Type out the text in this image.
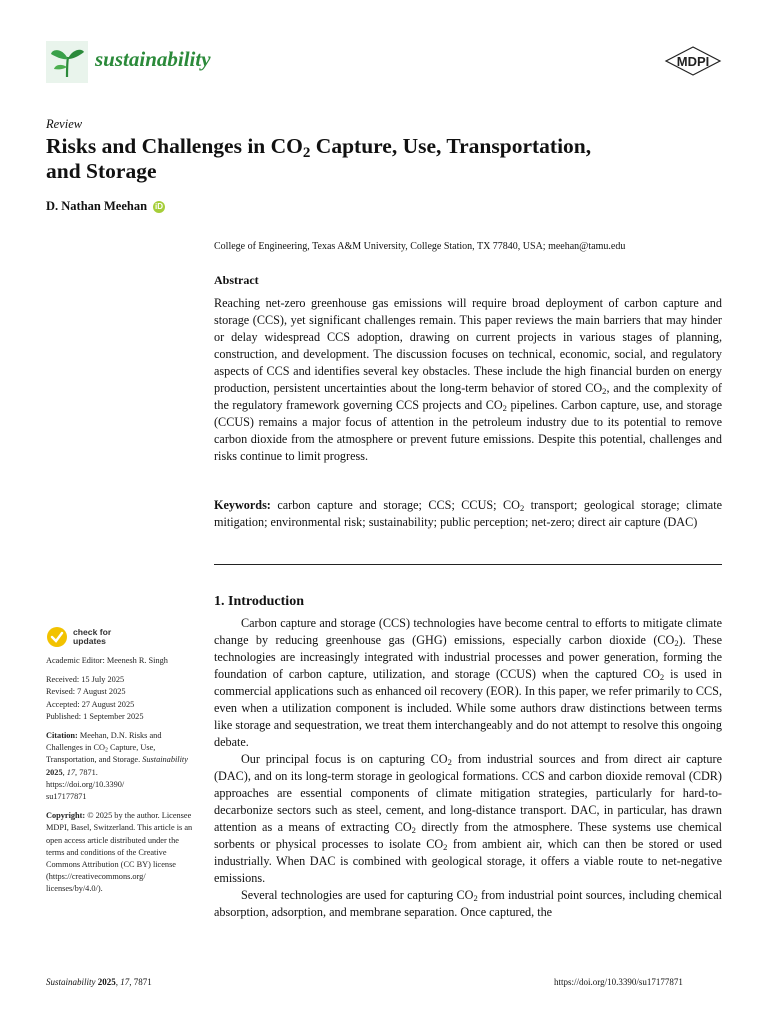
sustainability	MDPI
Review
Risks and Challenges in $CO_2$ Capture, Use, Transportation,
and Storage
D. Nathan Meehan iD
College of Engineering, Texas A&M University, College Station, TX 77840, USA; meehan@tamu.edu
Abstract
Reaching net-zero greenhouse gas emissions will require broad deployment of carbon capture and storage (CCS), yet significant challenges remain. This paper reviews the main barriers that may hinder or delay widespread CCS adoption, drawing on current projects in various stages of planning, construction, and development. The discussion focuses on technical, economic, social, and regulatory aspects of CCS and identifies several key obstacles. These include the high financial burden on energy production, persistent uncertainties about the long-term behavior of stored $CO_2$, and the complexity of the regulatory framework governing CCS projects and $CO_2$ pipelines. Carbon capture, use, and storage (CCUS) remains a major focus of attention in the petroleum industry due to its potential to remove carbon dioxide from the atmosphere or prevent future emissions. Despite this potential, challenges and risks continue to limit progress.
Keywords: carbon capture and storage; CCS; CCUS; $CO_2$ transport; geological storage; climate mitigation; environmental risk; sustainability; public perception; net-zero; direct air capture (DAC)
1. Introduction

Carbon capture and storage (CCS) technologies have become central to efforts to mitigate climate change by reducing greenhouse gas (GHG) emissions, especially carbon dioxide $(CO_2)$. These technologies are increasingly integrated with industrial processes and power generation, forming the foundation of carbon capture, utilization, and storage (CCUS) when the captured $CO_2$ is used in commercial applications such as enhanced oil recovery (EOR). In this paper, we refer primarily to CCS, even when a utilization component is included. While some authors draw distinctions between terms like storage and sequestration, we treat them interchangeably and do not attempt to resolve this ongoing debate.

Our principal focus is on capturing $CO_2$ from industrial sources and from direct air capture (DAC), and on its long-term storage in geological formations. CCS and carbon dioxide removal (CDR) approaches are essential components of climate mitigation strategies, particularly for hard-to-decarbonize sectors such as steel, cement, and long-distance transport. DAC, in particular, has drawn attention as a means of extracting $CO_2$ directly from the atmosphere. These systems use chemical sorbents or physical processes to isolate $CO_2$ from ambient air, which can then be stored or used industrially. When DAC is combined with geological storage, it offers a viable route to net-negative emissions.

Several technologies are used for capturing $CO_2$ from industrial point sources, including chemical absorption, adsorption, and membrane separation. Once captured, the

check for
updates
Academic Editor: Meenesh R. Singh
Received: 15 July 2025
Revised: 7 August 2025
Accepted: 27 August 2025
Published: 1 September 2025
Citation: Meehan, D.N. Risks and Challenges in $CO_2$ Capture, Use, Transportation, and Storage. Sustainability 2025, 17, 7871.
https://doi.org/10.3390/
su17177871
Copyright: © 2025 by the author. Licensee MDPI, Basel, Switzerland. This article is an open access article distributed under the terms and conditions of the Creative Commons Attribution (CC BY) license (https://creativecommons.org/ licenses/by/4.0/).
Sustainability 2025, 17, 7871	https://doi.org/10.3390/su17177871
